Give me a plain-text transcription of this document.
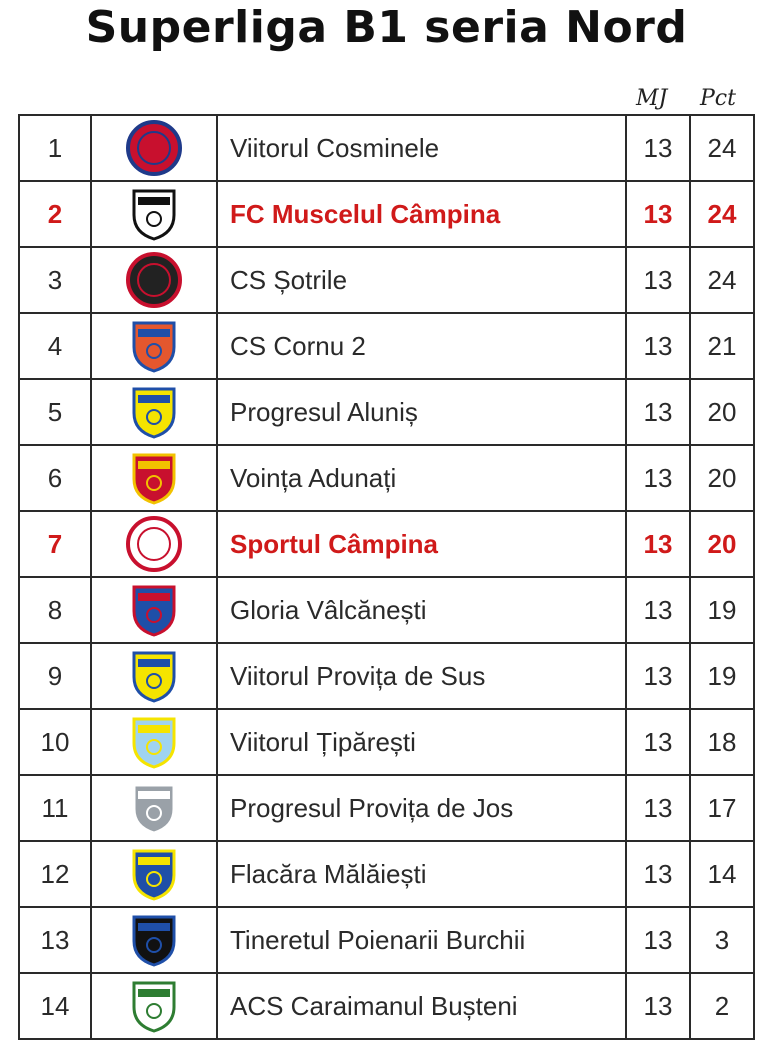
Superliga B1 seria Nord
MJ Pct
1		Viitorul Cosminele	13	24
2		FC Muscelul Câmpina	13	24
3		CS Șotrile	13	24
4		CS Cornu 2	13	21
5		Progresul Aluniș	13	20
6		Voința Adunați	13	20
7		Sportul Câmpina	13	20
8		Gloria Vâlcănești	13	19
9		Viitorul Provița de Sus	13	19
10		Viitorul Țipărești	13	18
11		Progresul Provița de Jos	13	17
12		Flacăra Mălăiești	13	14
13		Tineretul Poienarii Burchii	13	3
14		ACS Caraimanul Bușteni	13	2
